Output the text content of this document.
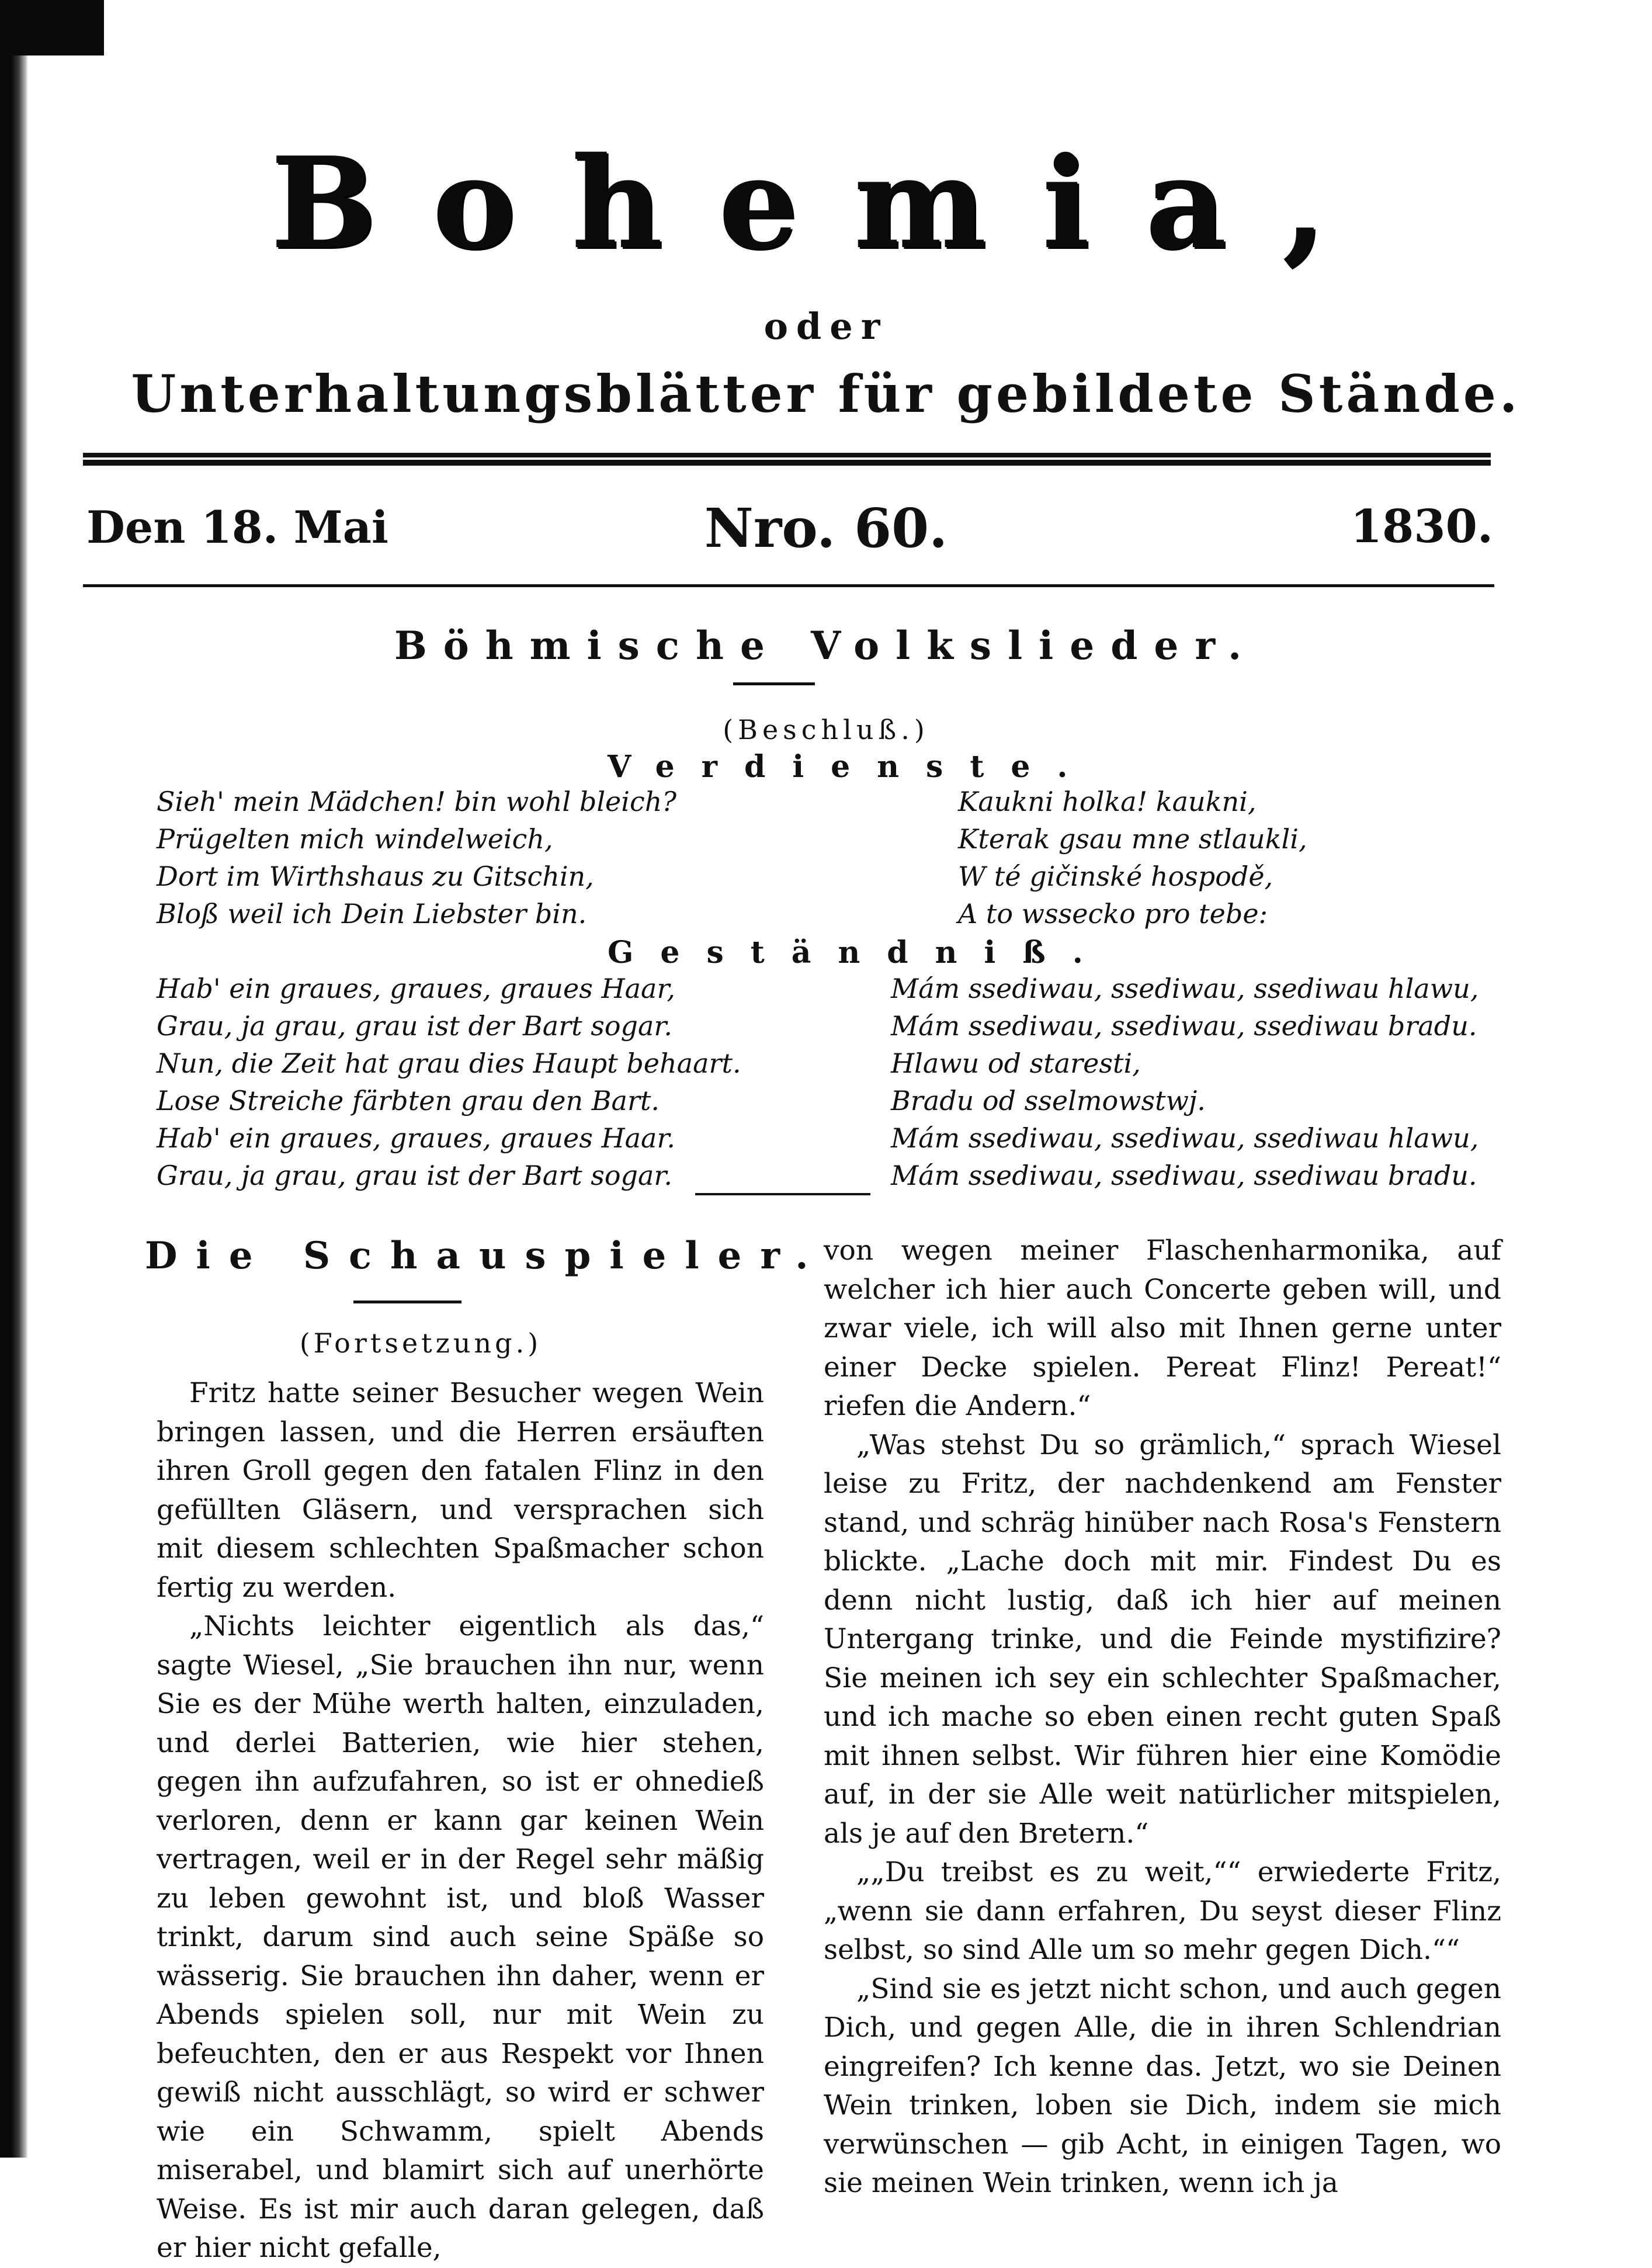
Bohemia,
oder
Unterhaltungsblätter für gebildete Stände.
Den 18. Mai	Nro. 60.	1830.
Böhmische Volkslieder.
(Beschluß.)
Verdienste.
Sieh' mein Mädchen! bin wohl bleich?
Prügelten mich windelweich,
Dort im Wirthshaus zu Gitschin,
Bloß weil ich Dein Liebster bin.
Kaukni holka! kaukni,
Kterak gsau mne stlaukli,
W té gičinské hospodě,
A to wssecko pro tebe:
Geständniß.
Hab' ein graues, graues, graues Haar,
Grau, ja grau, grau ist der Bart sogar.
Nun, die Zeit hat grau dies Haupt behaart.
Lose Streiche färbten grau den Bart.
Hab' ein graues, graues, graues Haar.
Grau, ja grau, grau ist der Bart sogar.
Mám ssediwau, ssediwau, ssediwau hlawu,
Mám ssediwau, ssediwau, ssediwau bradu.
Hlawu od staresti,
Bradu od sselmowstwj.
Mám ssediwau, ssediwau, ssediwau hlawu,
Mám ssediwau, ssediwau, ssediwau bradu.
Die Schauspieler.
(Fortsetzung.)

Fritz hatte seiner Besucher wegen Wein bringen lassen, und die Herren ersäuften ihren Groll gegen den fatalen Flinz in den gefüllten Gläsern, und versprachen sich mit diesem schlechten Spaßmacher schon fertig zu werden.

„Nichts leichter eigentlich als das,“ sagte Wiesel, „Sie brauchen ihn nur, wenn Sie es der Mühe werth halten, einzuladen, und derlei Batterien, wie hier stehen, gegen ihn aufzufahren, so ist er ohnedieß verloren, denn er kann gar keinen Wein vertragen, weil er in der Regel sehr mäßig zu leben gewohnt ist, und bloß Wasser trinkt, darum sind auch seine Späße so wässerig. Sie brauchen ihn daher, wenn er Abends spielen soll, nur mit Wein zu befeuchten, den er aus Respekt vor Ihnen gewiß nicht ausschlägt, so wird er schwer wie ein Schwamm, spielt Abends miserabel, und blamirt sich auf unerhörte Weise. Es ist mir auch daran gelegen, daß er hier nicht gefalle,

von wegen meiner Flaschenharmonika, auf welcher ich hier auch Concerte geben will, und zwar viele, ich will also mit Ihnen gerne unter einer Decke spielen. Pereat Flinz! Pereat!“ riefen die Andern.“

„Was stehst Du so grämlich,“ sprach Wiesel leise zu Fritz, der nachdenkend am Fenster stand, und schräg hinüber nach Rosa's Fenstern blickte. „Lache doch mit mir. Findest Du es denn nicht lustig, daß ich hier auf meinen Untergang trinke, und die Feinde mystifizire? Sie meinen ich sey ein schlechter Spaßmacher, und ich mache so eben einen recht guten Spaß mit ihnen selbst. Wir führen hier eine Komödie auf, in der sie Alle weit natürlicher mitspielen, als je auf den Bretern.“

„„Du treibst es zu weit,““ erwiederte Fritz, „wenn sie dann erfahren, Du seyst dieser Flinz selbst, so sind Alle um so mehr gegen Dich.““

„Sind sie es jetzt nicht schon, und auch gegen Dich, und gegen Alle, die in ihren Schlendrian eingreifen? Ich kenne das. Jetzt, wo sie Deinen Wein trinken, loben sie Dich, indem sie mich verwünschen — gib Acht, in einigen Tagen, wo sie meinen Wein trinken, wenn ich ja
